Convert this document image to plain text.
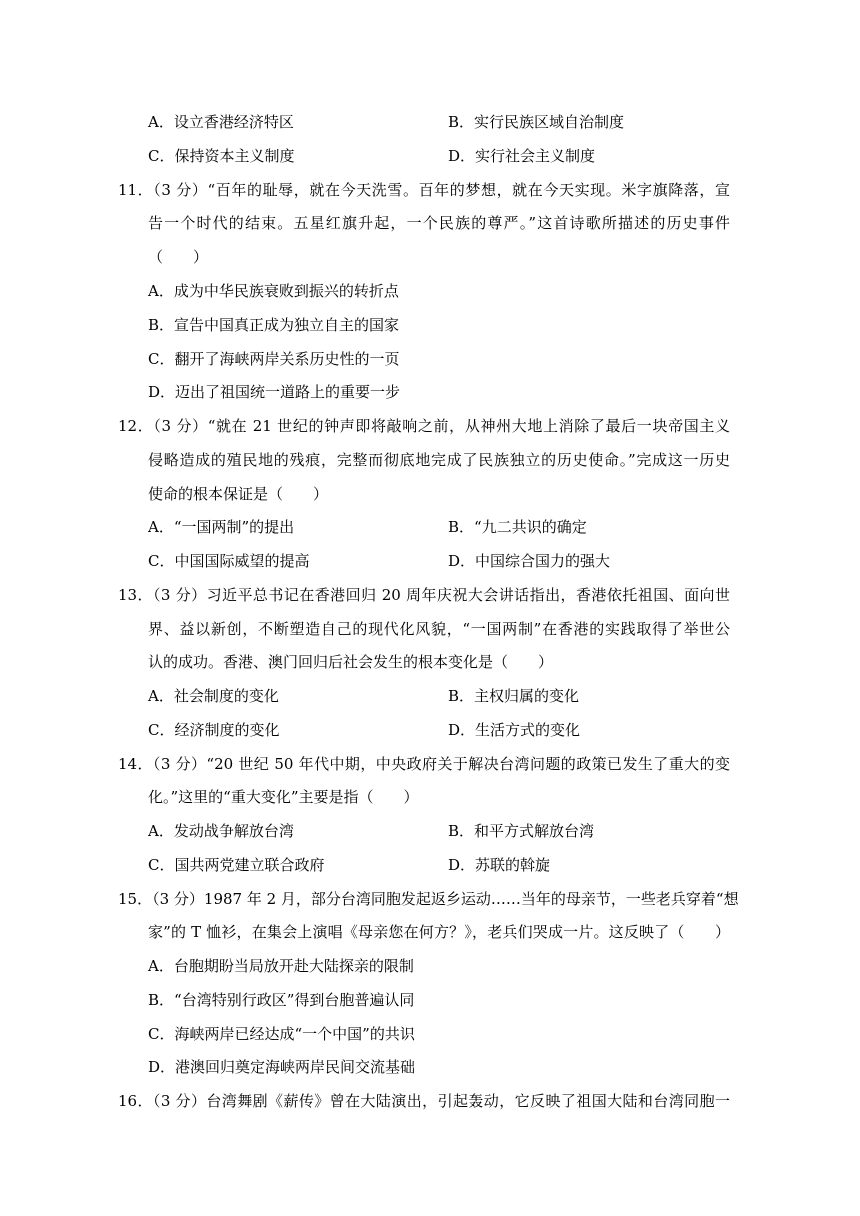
A．设立香港经济特区	B．实行民族区域自治制度
C．保持资本主义制度	D．实行社会主义制度
11．（3 分）“百年的耻辱，就在今天洗雪。百年的梦想，就在今天实现。米字旗降落，宣
告一个时代的结束。五星红旗升起，一个民族的尊严。”这首诗歌所描述的历史事件
（　　）
A．成为中华民族衰败到振兴的转折点
B．宣告中国真正成为独立自主的国家
C．翻开了海峡两岸关系历史性的一页
D．迈出了祖国统一道路上的重要一步
12．（3 分）“就在 21 世纪的钟声即将敲响之前，从神州大地上消除了最后一块帝国主义
侵略造成的殖民地的残痕，完整而彻底地完成了民族独立的历史使命。”完成这一历史
使命的根本保证是（　　）
A．“一国两制”的提出	B．“九二共识的确定
C．中国国际威望的提高	D．中国综合国力的强大
13．（3 分）习近平总书记在香港回归 20 周年庆祝大会讲话指出，香港依托祖国、面向世
界、益以新创，不断塑造自己的现代化风貌，“一国两制”在香港的实践取得了举世公
认的成功。香港、澳门回归后社会发生的根本变化是（　　）
A．社会制度的变化	B．主权归属的变化
C．经济制度的变化	D．生活方式的变化
14．（3 分）“20 世纪 50 年代中期，中央政府关于解决台湾问题的政策已发生了重大的变
化。”这里的“重大变化”主要是指（　　）
A．发动战争解放台湾	B．和平方式解放台湾
C．国共两党建立联合政府	D．苏联的斡旋
15．（3 分）1987 年 2 月，部分台湾同胞发起返乡运动……当年的母亲节，一些老兵穿着“想
家”的 T 恤衫，在集会上演唱《母亲您在何方？》，老兵们哭成一片。这反映了（　　）
A．台胞期盼当局放开赴大陆探亲的限制
B．“台湾特别行政区”得到台胞普遍认同
C．海峡两岸已经达成“一个中国”的共识
D．港澳回归奠定海峡两岸民间交流基础
16．（3 分）台湾舞剧《薪传》曾在大陆演出，引起轰动，它反映了祖国大陆和台湾同胞一
